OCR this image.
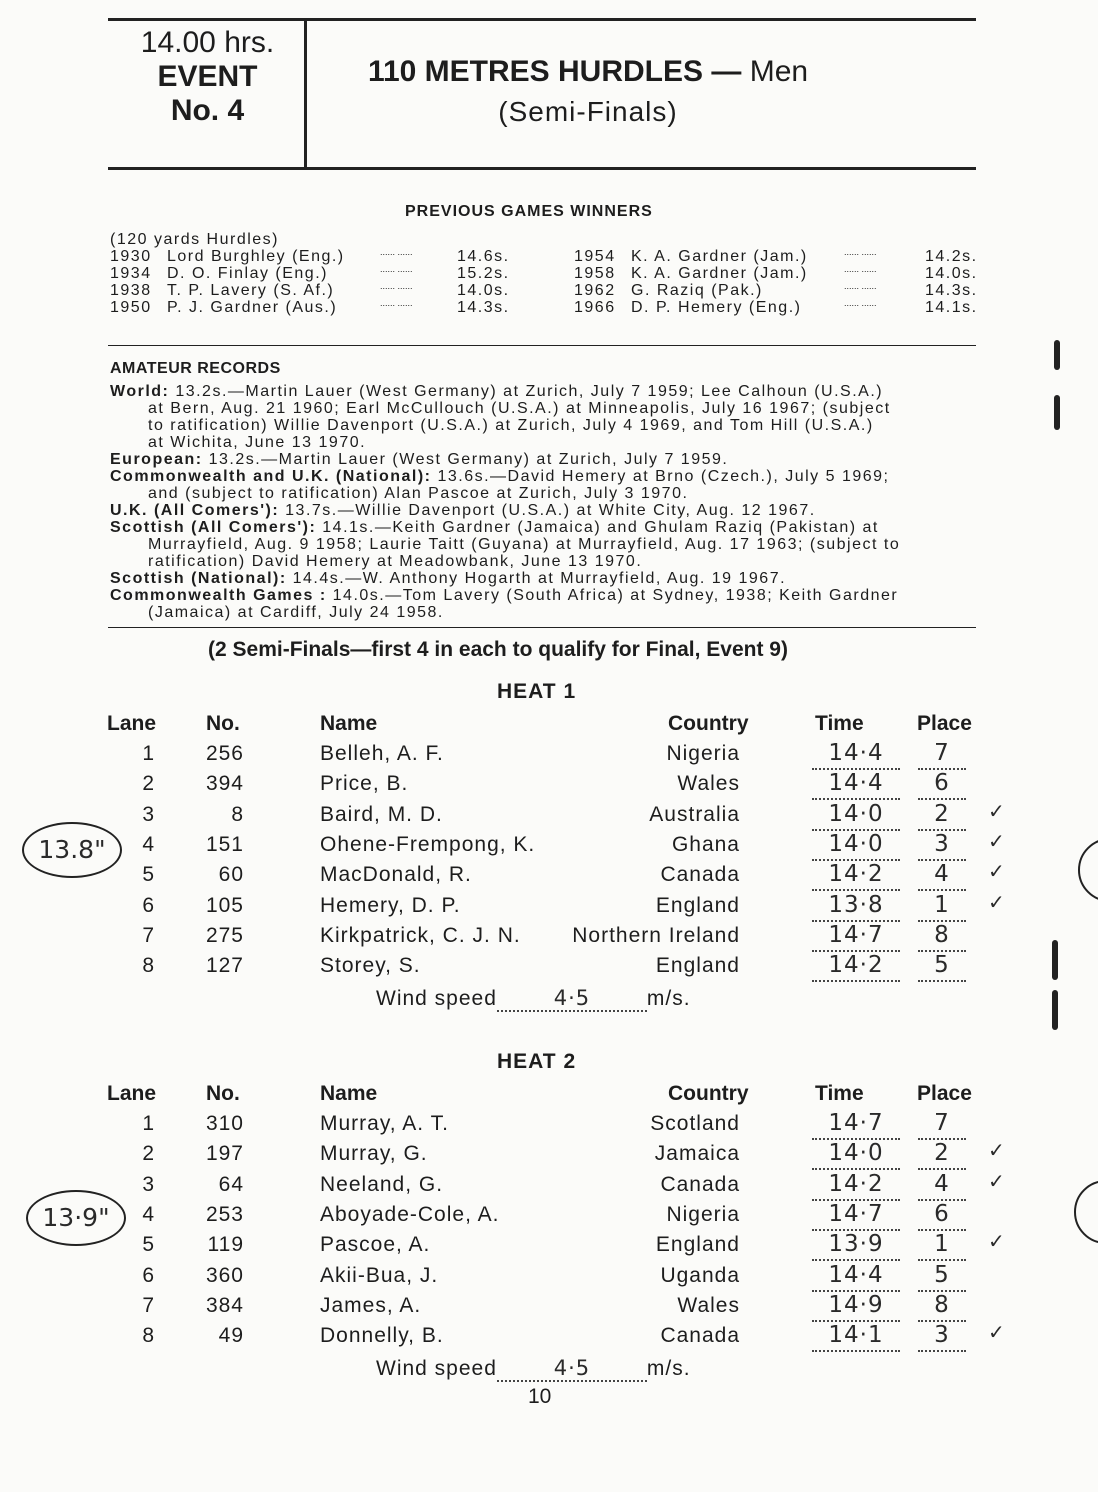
14.00 hrs.
EVENT
No. 4
110 METRES HURDLES — Men
(Semi-Finals)
PREVIOUS GAMES WINNERS
(120 yards Hurdles)
1930 Lord Burghley (Eng.)	...... ......	14.6s.
1934 D. O. Finlay (Eng.)	...... ......	15.2s.
1938 T. P. Lavery (S. Af.)	...... ......	14.0s.
1950 P. J. Gardner (Aus.)	...... ......	14.3s.
1954 K. A. Gardner (Jam.)	...... ......	14.2s.
1958 K. A. Gardner (Jam.)	...... ......	14.0s.
1962 G. Raziq (Pak.)	...... ......	14.3s.
1966 D. P. Hemery (Eng.)	...... ......	14.1s.
AMATEUR RECORDS

World: 13.2s.—Martin Lauer (West Germany) at Zurich, July 7 1959; Lee Calhoun (U.S.A.)
at Bern, Aug. 21 1960; Earl McCullouch (U.S.A.) at Minneapolis, July 16 1967; (subject
to ratification) Willie Davenport (U.S.A.) at Zurich, July 4 1969, and Tom Hill (U.S.A.)
at Wichita, June 13 1970.

European: 13.2s.—Martin Lauer (West Germany) at Zurich, July 7 1959.

Commonwealth and U.K. (National): 13.6s.—David Hemery at Brno (Czech.), July 5 1969;
and (subject to ratification) Alan Pascoe at Zurich, July 3 1970.

U.K. (All Comers'): 13.7s.—Willie Davenport (U.S.A.) at White City, Aug. 12 1967.

Scottish (All Comers'): 14.1s.—Keith Gardner (Jamaica) and Ghulam Raziq (Pakistan) at
Murrayfield, Aug. 9 1958; Laurie Taitt (Guyana) at Murrayfield, Aug. 17 1963; (subject to
ratification) David Hemery at Meadowbank, June 13 1970.

Scottish (National): 14.4s.—W. Anthony Hogarth at Murrayfield, Aug. 19 1967.

Commonwealth Games : 14.0s.—Tom Lavery (South Africa) at Sydney, 1938; Keith Gardner
(Jamaica) at Cardiff, July 24 1958.

(2 Semi-Finals—first 4 in each to qualify for Final, Event 9)
HEAT 1
Lane No.	Name	Country	Time	Place
1	256	Belleh, A. F.	Nigeria	14·4	7
2	394	Price, B.	Wales	14·4	6
3	8	Baird, M. D.	Australia	14·0	2	✓
4	151	Ohene-Frempong, K.	Ghana	14·0	3	✓
5	60	MacDonald, R.	Canada	14·2	4	✓
6	105	Hemery, D. P.	England	13·8	1	✓
7	275	Kirkpatrick, C. J. N.	Northern Ireland	14·7	8
8	127	Storey, S.	England	14·2	5
Wind speed	4·5	m/s.
13.8"
HEAT 2
Lane No.	Name	Country	Time	Place
1	310	Murray, A. T.	Scotland	14·7	7
2	197	Murray, G.	Jamaica	14·0	2	✓
3	64	Neeland, G.	Canada	14·2	4	✓
4	253	Aboyade-Cole, A.	Nigeria	14·7	6
5	119	Pascoe, A.	England	13·9	1	✓
6	360	Akii-Bua, J.	Uganda	14·4	5
7	384	James, A.	Wales	14·9	8
8	49	Donnelly, B.	Canada	14·1	3	✓
Wind speed	4·5	m/s.
13·9"
10
